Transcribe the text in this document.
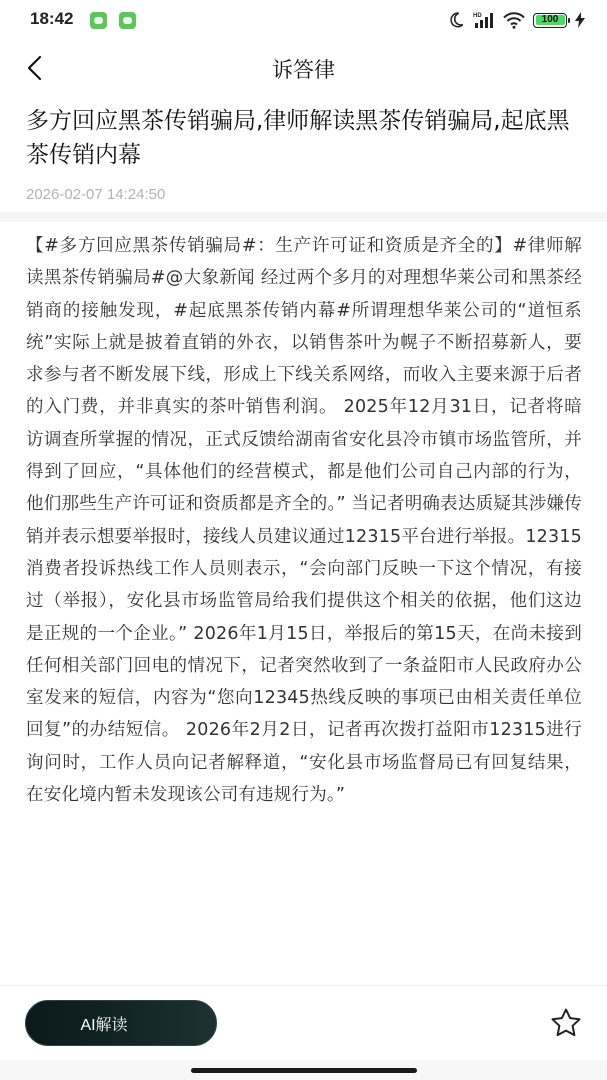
18:42	HD	100
诉答律
多方回应黑茶传销骗局,律师解读黑茶传销骗局,起底黑茶传销内幕
2026-02-07 14:24:50

【#多方回应黑茶传销骗局#：生产许可证和资质是齐全的】#律师解读黑茶传销骗局#@大象新闻 经过两个多月的对理想华莱公司和黑茶经销商的接触发现，#起底黑茶传销内幕#所谓理想华莱公司的“道恒系统”实际上就是披着直销的外衣，以销售茶叶为幌子不断招募新人，要求参与者不断发展下线，形成上下线关系网络，而收入主要来源于后者的入门费，并非真实的茶叶销售利润。 2025年12月31日，记者将暗访调查所掌握的情况，正式反馈给湖南省安化县冷市镇市场监管所，并得到了回应，“具体他们的经营模式，都是他们公司自己内部的行为，他们那些生产许可证和资质都是齐全的。” 当记者明确表达质疑其涉嫌传销并表示想要举报时，接线人员建议通过12315平台进行举报。12315消费者投诉热线工作人员则表示，“会向部门反映一下这个情况，有接过（举报），安化县市场监管局给我们提供这个相关的依据，他们这边是正规的一个企业。” 2026年1月15日，举报后的第15天，在尚未接到任何相关部门回电的情况下，记者突然收到了一条益阳市人民政府办公室发来的短信，内容为“您向12345热线反映的事项已由相关责任单位回复”的办结短信。 2026年2月2日，记者再次拨打益阳市12315进行询问时，工作人员向记者解释道，“安化县市场监督局已有回复结果，在安化境内暂未发现该公司有违规行为。”

AI解读
